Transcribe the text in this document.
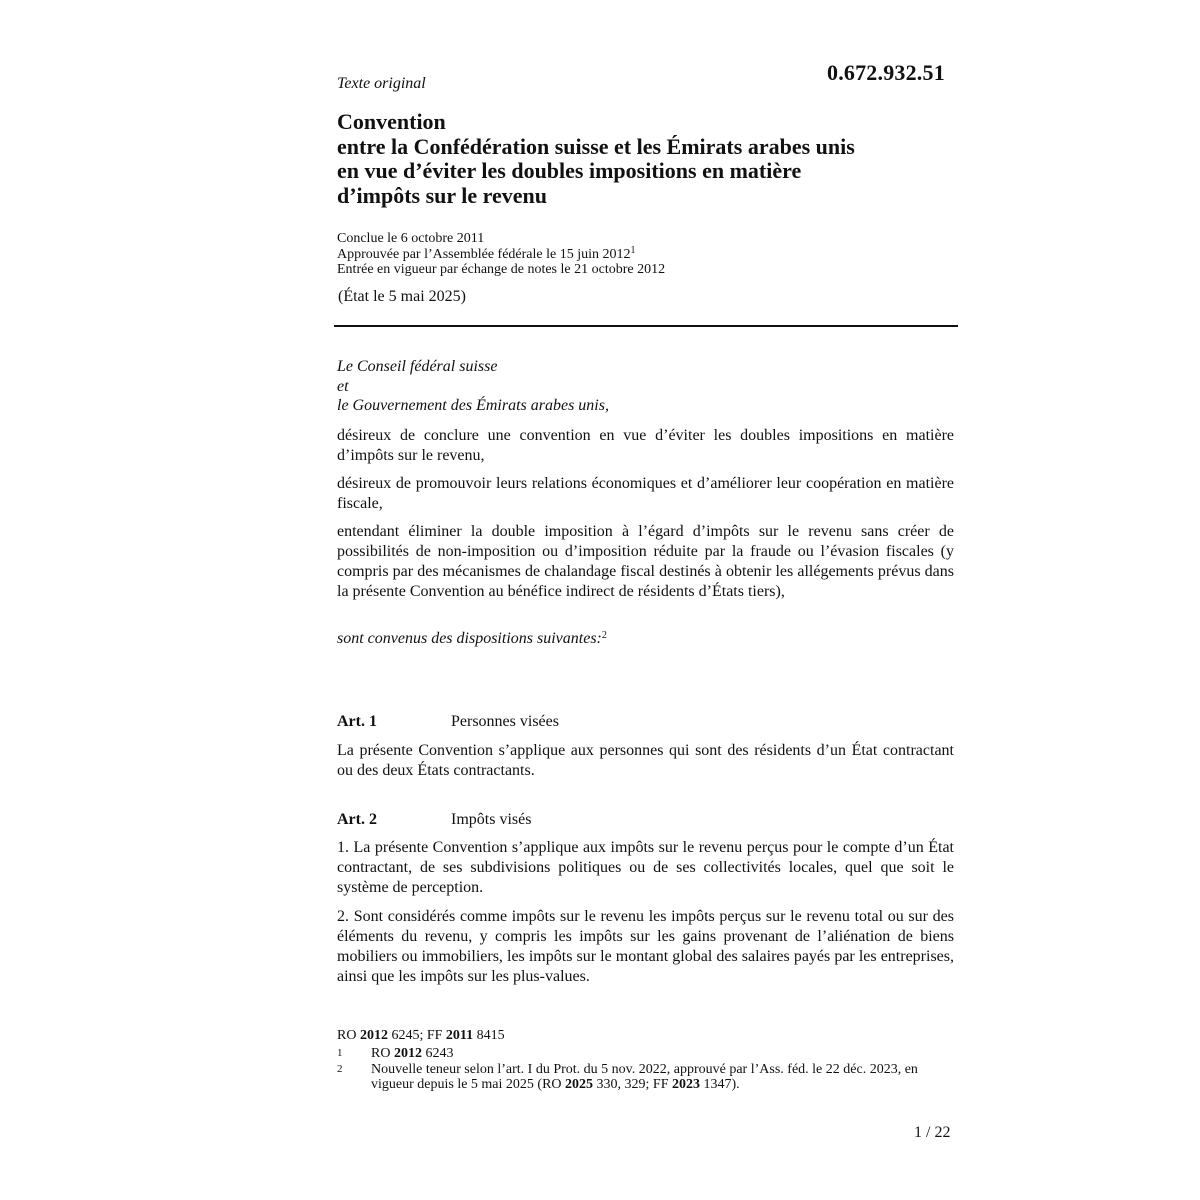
0.672.932.51
Texte original
Convention
entre la Confédération suisse et les Émirats arabes unis
en vue d’éviter les doubles impositions en matière
d’impôts sur le revenu
Conclue le 6 octobre 2011
Approuvée par l’Assemblée fédérale le 15 juin 2012$^1$
Entrée en vigueur par échange de notes le 21 octobre 2012
(État le 5 mai 2025)
Le Conseil fédéral suisse
et
le Gouvernement des Émirats arabes unis,
désireux de conclure une convention en vue d’éviter les doubles impositions en matière d’impôts sur le revenu,
désireux de promouvoir leurs relations économiques et d’améliorer leur coopération en matière fiscale,
entendant éliminer la double imposition à l’égard d’impôts sur le revenu sans créer de possibilités de non-imposition ou d’imposition réduite par la fraude ou l’évasion fiscales (y compris par des mécanismes de chalandage fiscal destinés à obtenir les allégements prévus dans la présente Convention au bénéfice indirect de résidents d’États tiers),
sont convenus des dispositions suivantes:$^2$
Art. 1	Personnes visées
La présente Convention s’applique aux personnes qui sont des résidents d’un État contractant ou des deux États contractants.
Art. 2	Impôts visés
1. La présente Convention s’applique aux impôts sur le revenu perçus pour le compte d’un État contractant, de ses subdivisions politiques ou de ses collectivités locales, quel que soit le système de perception.
2. Sont considérés comme impôts sur le revenu les impôts perçus sur le revenu total ou sur des éléments du revenu, y compris les impôts sur les gains provenant de l’aliénation de biens mobiliers ou immobiliers, les impôts sur le montant global des salaires payés par les entreprises, ainsi que les impôts sur les plus-values.
RO 2012 6245; FF 2011 8415
1	RO 2012 6243
2	Nouvelle teneur selon l’art. I du Prot. du 5 nov. 2022, approuvé par l’Ass. féd. le 22 déc. 2023, en vigueur depuis le 5 mai 2025 (RO 2025 330, 329; FF 2023 1347).
1 / 22
